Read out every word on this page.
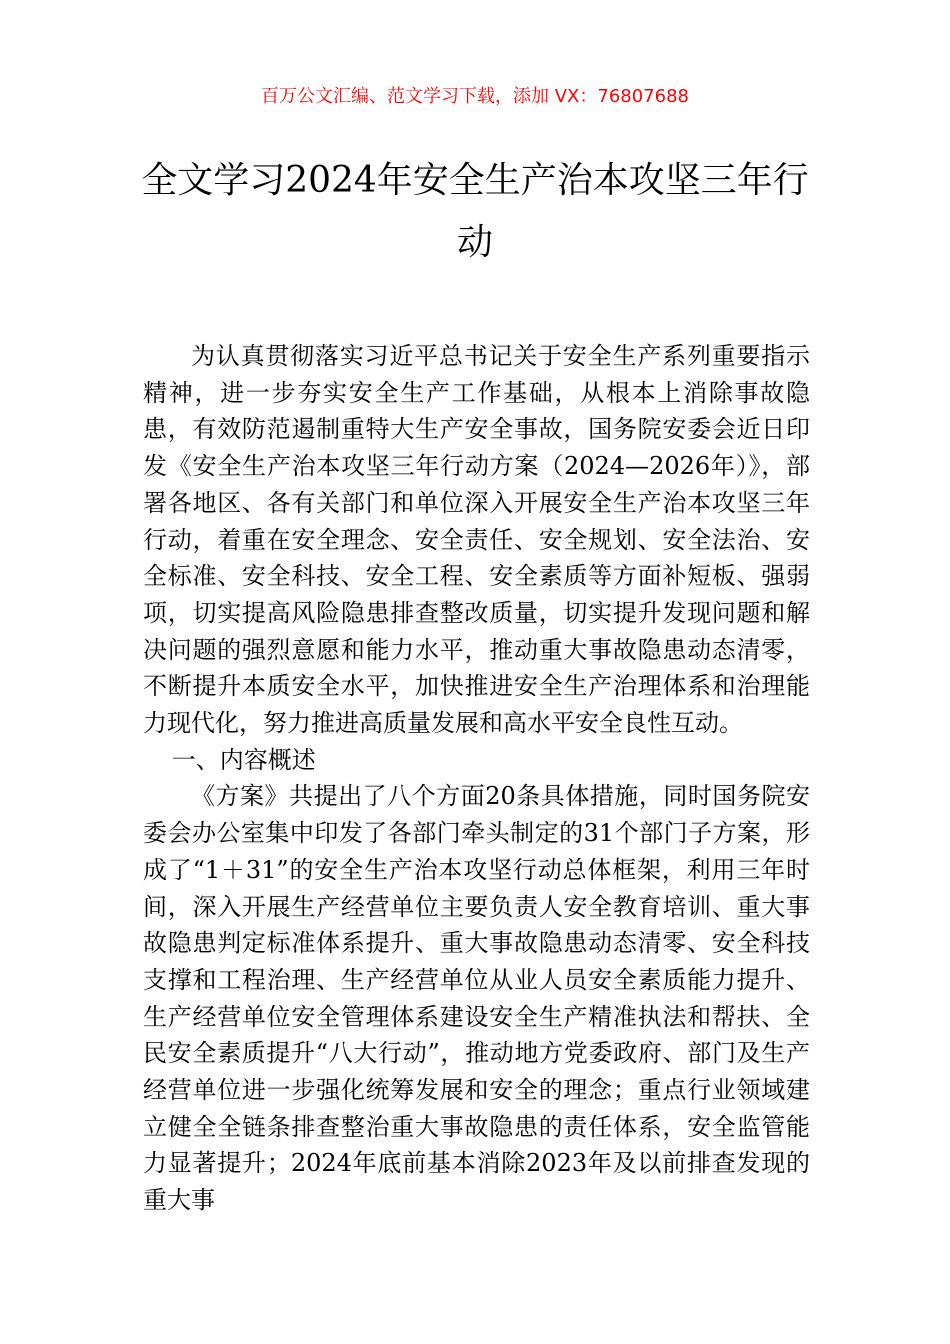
百万公文汇编、范文学习下载，添加 VX：76807688
全文学习2024年安全生产治本攻坚三年行动

为认真贯彻落实习近平总书记关于安全生产系列重要指示精神，进一步夯实安全生产工作基础，从根本上消除事故隐患，有效防范遏制重特大生产安全事故，国务院安委会近日印发《安全生产治本攻坚三年行动方案（2024—2026年）》，部署各地区、各有关部门和单位深入开展安全生产治本攻坚三年行动，着重在安全理念、安全责任、安全规划、安全法治、安全标准、安全科技、安全工程、安全素质等方面补短板、强弱项，切实提高风险隐患排查整改质量，切实提升发现问题和解决问题的强烈意愿和能力水平，推动重大事故隐患动态清零，不断提升本质安全水平，加快推进安全生产治理体系和治理能力现代化，努力推进高质量发展和高水平安全良性互动。

一、内容概述

《方案》共提出了八个方面20条具体措施，同时国务院安委会办公室集中印发了各部门牵头制定的31个部门子方案，形成了“1＋31”的安全生产治本攻坚行动总体框架，利用三年时间，深入开展生产经营单位主要负责人安全教育培训、重大事故隐患判定标准体系提升、重大事故隐患动态清零、安全科技支撑和工程治理、生产经营单位从业人员安全素质能力提升、生产经营单位安全管理体系建设安全生产精准执法和帮扶、全民安全素质提升“八大行动”，推动地方党委政府、部门及生产经营单位进一步强化统筹发展和安全的理念；重点行业领域建立健全全链条排查整治重大事故隐患的责任体系，安全监管能力显著提升；2024年底前基本消除2023年及以前排查发现的重大事
